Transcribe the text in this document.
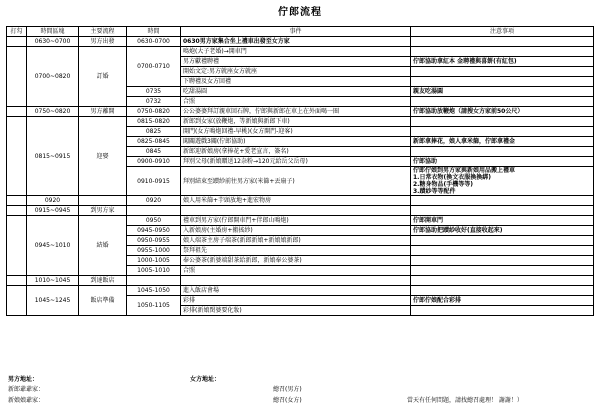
佇郎流程
打勾	時間區塊	主要流程	時間	事件	注意事項
	0630~0700	男方出發	0630-0700	0630男方家集合坐上禮車出發至女方家	
	0700~0820	訂婚	0700-0710	鳴炮(大子老婚)→開車門	
				男方獻禮聘禮	佇郎協助拿紅本 金聘禮與喜餅(有紅包)
				開始文定:男方就座女方就座	
				下聘禮及女方回禮	
			0735	吃甜湯圓	親友吃湯圓
			0732	合照	
	0750~0820	男方離開	0750-0820	公公婆婆拜訂親車回石牌，佇郎與新郎在車上在外面喝一圈	佇郎協助放鞭炮（請搜女方家前50公尺）
	0815~0915	迎娶	0815-0820	新郎到女家(放鞭炮，等新娘與新郎下車)	
			0825	開門(女方鳴炮回禮-早桃)(女方開門-迎客)	
			0825-0845	闖關遊戲3關(佇郎協助)	新郎拿捧花，娘人拿米篩，佇郎拿禮金
			0845	新郎迎新娘房(拿捧花+愛老宣言，簽名)	
			0900-0910	拜別父母(新娘贈送12杂粉→120元給岳父岳母)	佇郎協助
			0910-0915	拜別結束至蹟紗前往男方家(米篩+丟扇子)	佇郎佇娘到男方家與新娘用品搬上禮車
1.日常衣物(換文衣服換換綁)
2.糖身物品(手機等等)
3.蹟紗等等配件
	0920		0920	娘人用米篩+芋頭放地+進宏物房	
	0915~0945	到男方家			
	0945~1010	結婚	0950	禮車到男方家(佇郎開車門+伴郎山鳴炮)	佇郎開車門
			0945-0950	入新娘房(主婚房+搬搖紗)	佇郎協助把蹟紗收好(直接收起來)
			0950-0955	娘人端茶主房子端茶(新郎新娘+新娘娘新郎)	
			0955-1000	祭拜祖先	
			1000-1005	奉公婆茶(新婆端甜茶給新郎，新娘奉公婆茶)	
			1005-1010	合照	
	1010~1045	到達飯店			
	1045~1245	飯店準備	1045-1050	進入飯店會場	
			1050-1105	彩排	佇郎佇娘配合彩排
				彩排(新娘閔婆要化妝)	
男方地址：	女方地址：
新郎爺爺家：
新娘娘爺家：
總召(男方)
總召(女方)	當天有任何問題，請找總召處理！ 謝謝！）
